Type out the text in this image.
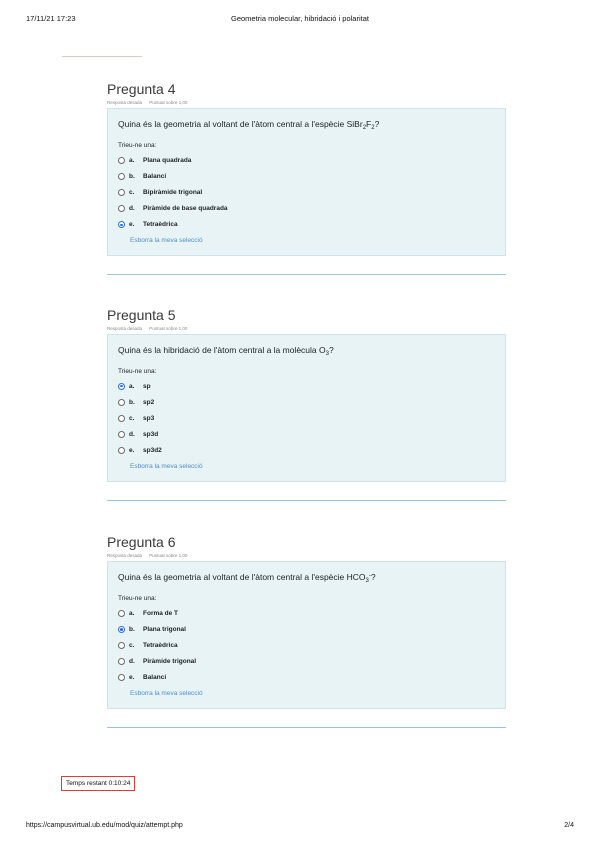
17/11/21 17:23	Geometria molecular, hibridació i polaritat
Pregunta 4
Resposta desada Puntuat sobre 1,00
Quina és la geometria al voltant de l'àtom central a l'espècie $SiBr_2F_2$?
Trieu-ne una:
a.	Plana quadrada
b.	Balancí
c.	Bipiràmide trigonal
d.	Piràmide de base quadrada
e.	Tetraèdrica
Esborra la meva selecció
Pregunta 5
Resposta desada Puntuat sobre 1,00
Quina és la hibridació de l'àtom central a la molècula $O_3$?
Trieu-ne una:
a.	sp
b.	sp2
c.	sp3
d.	sp3d
e.	sp3d2
Esborra la meva selecció
Pregunta 6
Resposta desada Puntuat sobre 1,00
Quina és la geometria al voltant de l'àtom central a l'espècie $HCO_3^-$?
Trieu-ne una:
a.	Forma de T
b.	Plana trigonal
c.	Tetraèdrica
d.	Piràmide trigonal
e.	Balancí
Esborra la meva selecció
Temps restant 0:10:24
https://campusvirtual.ub.edu/mod/quiz/attempt.php	2/4
